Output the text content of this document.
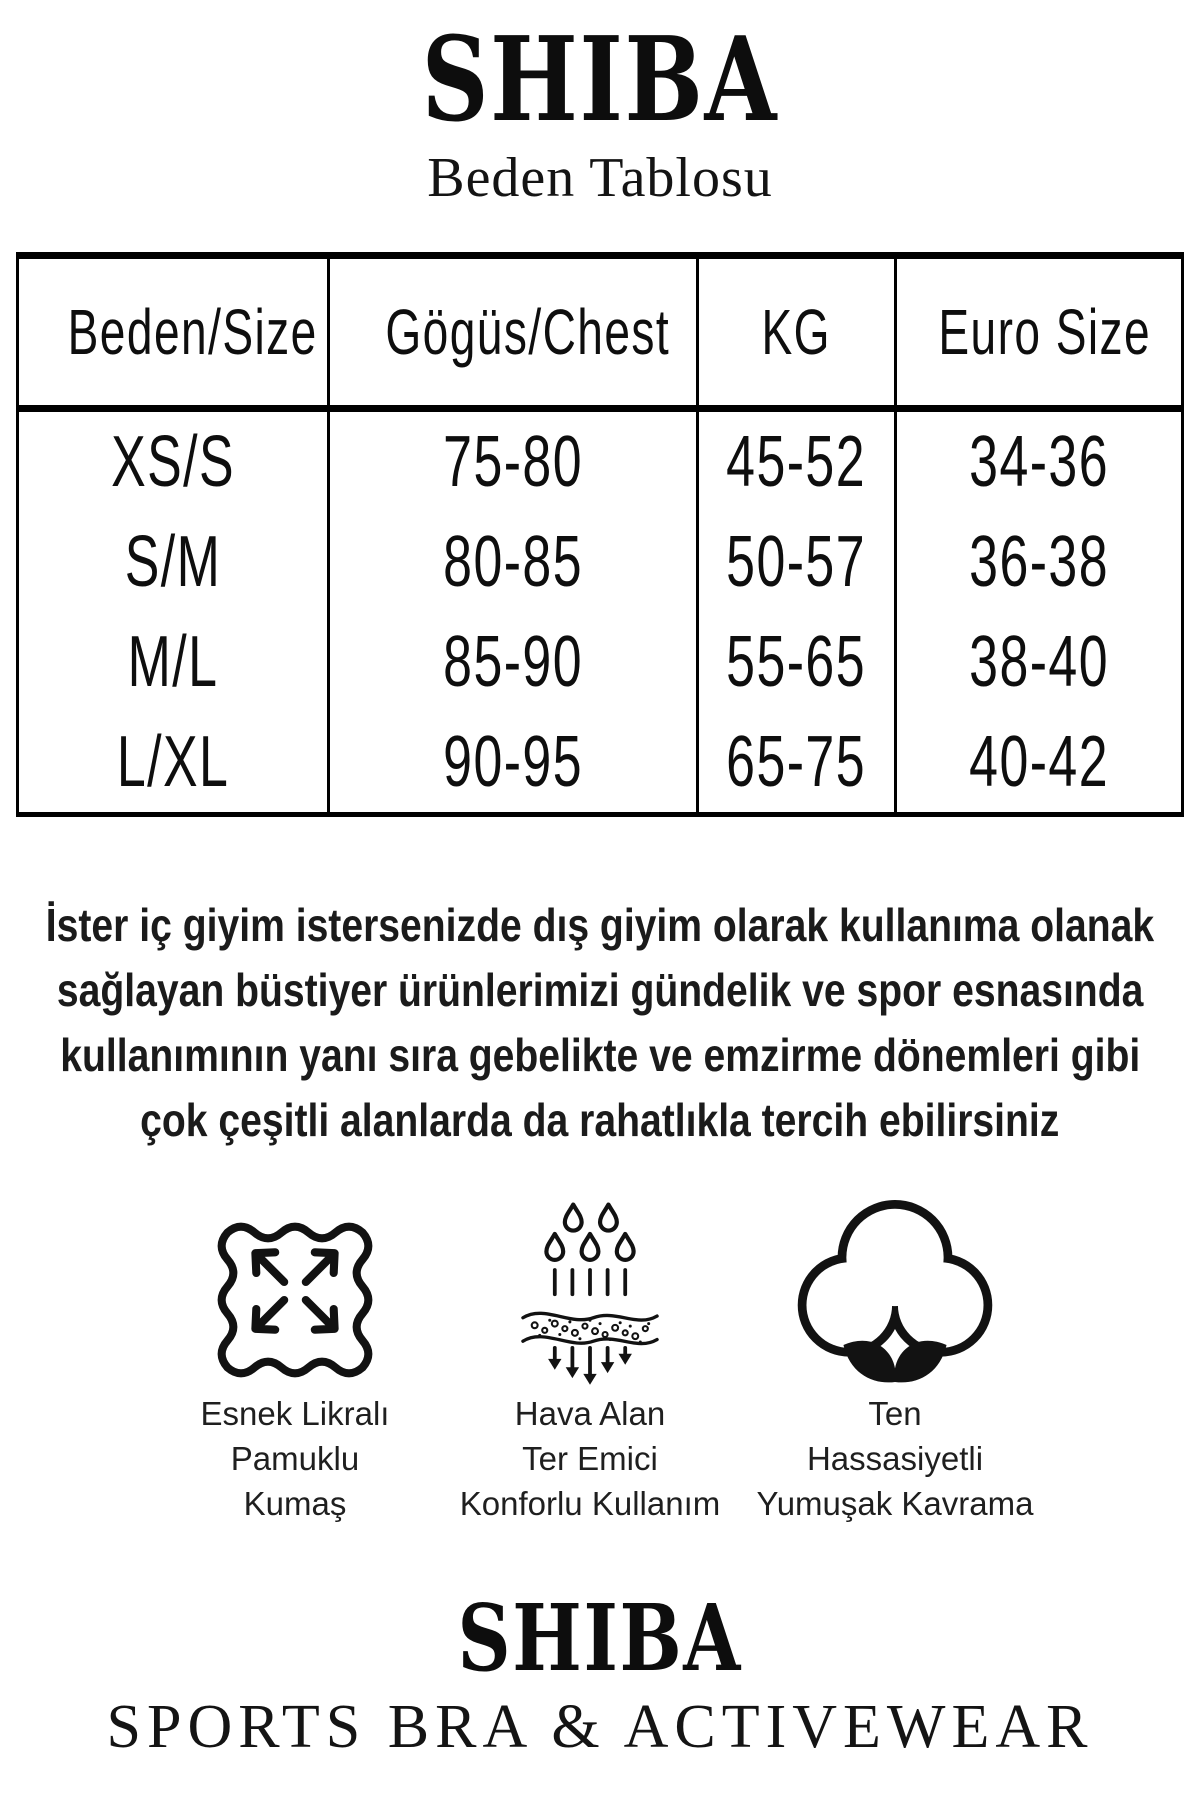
SHIBA
Beden Tablosu
Beden/Size	Gögüs/Chest	KG	Euro Size
XS/S	75-80	45-52	34-36
S/M	80-85	50-57	36-38
M/L	85-90	55-65	38-40
L/XL	90-95	65-75	40-42
İster iç giyim istersenizde dış giyim olarak kullanıma olanak
sağlayan büstiyer ürünlerimizi gündelik ve spor esnasında
kullanımının yanı sıra gebelikte ve emzirme dönemleri gibi
çok çeşitli alanlarda da rahatlıkla tercih ebilirsiniz
Esnek Likralı
Pamuklu
Kumaş
Hava Alan
Ter Emici
Konforlu Kullanım
Ten
Hassasiyetli
Yumuşak Kavrama
SHIBA
SPORTS BRA & ACTIVEWEAR
